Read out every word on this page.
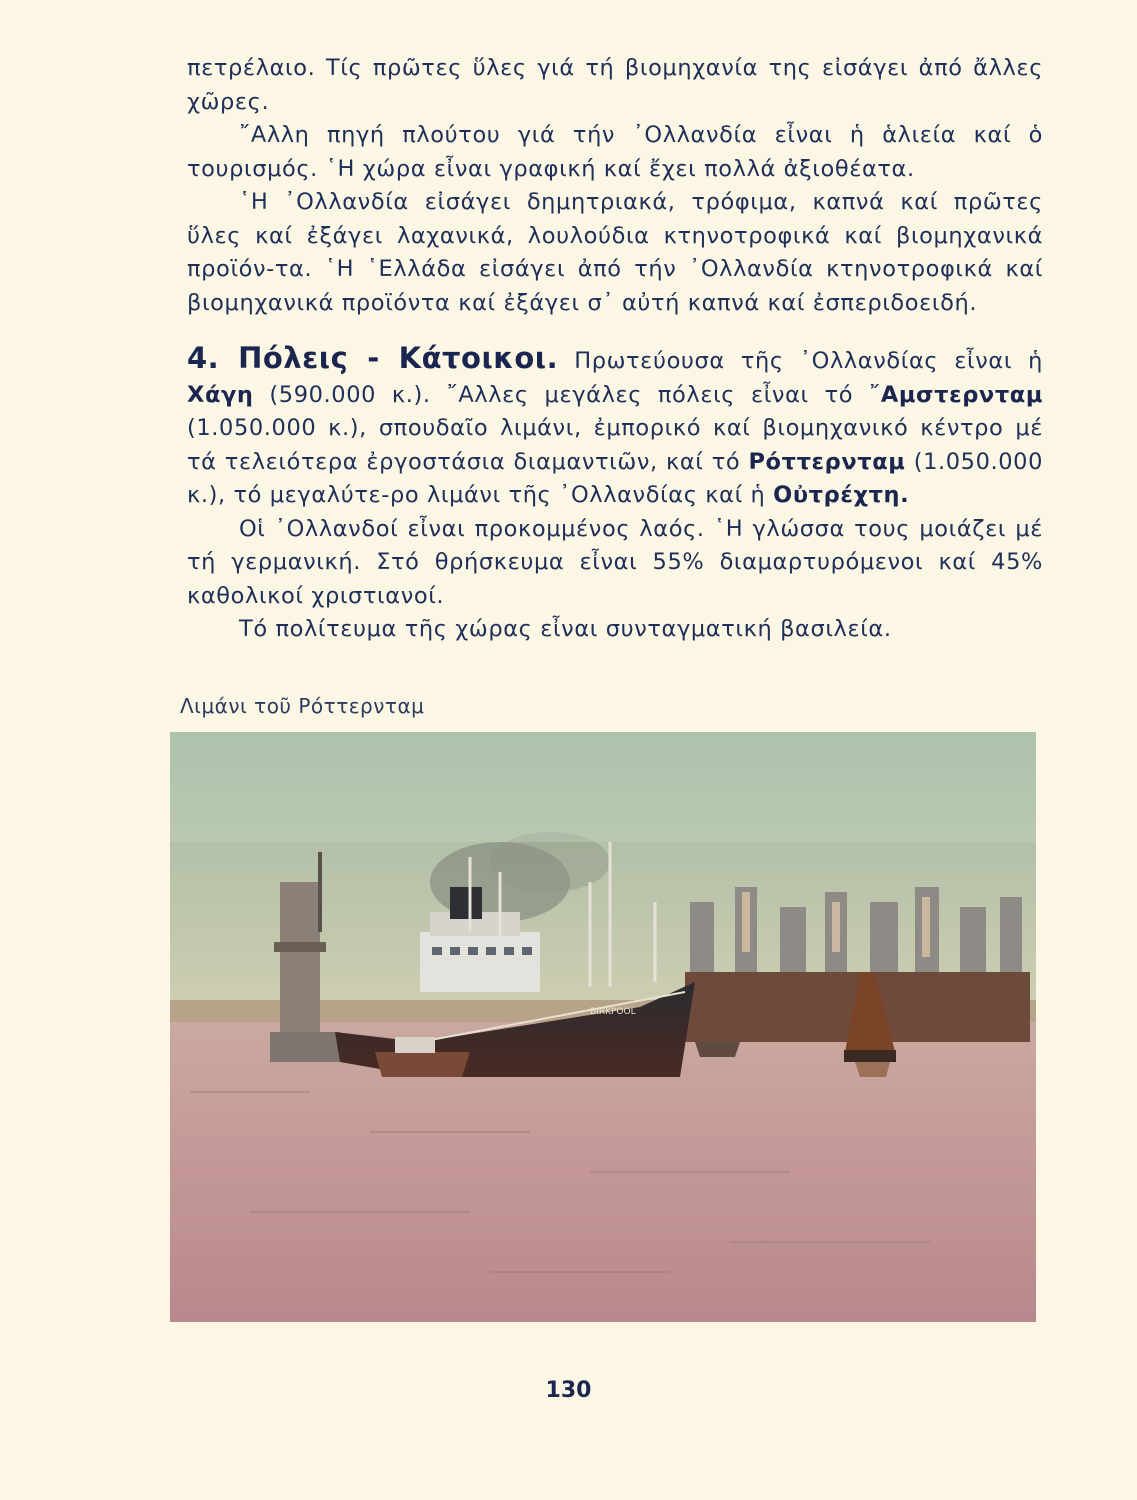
πετρέλαιο. Τίς πρῶτες ὕλες γιά τή βιομηχανία της εἰσάγει ἀπό ἄλλες χῶρες.

῎Αλλη πηγή πλούτου γιά τήν ᾿Ολλανδία εἶναι ἡ ἁλιεία καί ὁ τουρισμός. ῾Η χώρα εἶναι γραφική καί ἔχει πολλά ἀξιοθέατα.

῾Η ᾿Ολλανδία εἰσάγει δημητριακά, τρόφιμα, καπνά καί πρῶτες ὕλες καί ἐξάγει λαχανικά, λουλούδια κτηνοτροφικά καί βιομηχανικά προϊόν-τα. ῾Η ῾Ελλάδα εἰσάγει ἀπό τήν ᾿Ολλανδία κτηνοτροφικά καί βιομηχανικά προϊόντα καί ἐξάγει σ᾿ αὐτή καπνά καί ἐσπεριδοειδή.

4. Πόλεις - Κάτοικοι. Πρωτεύουσα τῆς ᾿Ολλανδίας εἶναι ἡ Χάγη (590.000 κ.). ῎Αλλες μεγάλες πόλεις εἶναι τό ῎Αμστερνταμ (1.050.000 κ.), σπουδαῖο λιμάνι, ἐμπορικό καί βιομηχανικό κέντρο μέ τά τελειότερα ἐργοστάσια διαμαντιῶν, καί τό Ρόττερνταμ (1.050.000 κ.), τό μεγαλύτε-ρο λιμάνι τῆς ᾿Ολλανδίας καί ἡ Οὐτρέχτη.

Οἱ ᾿Ολλανδοί εἶναι προκομμένος λαός. ῾Η γλώσσα τους μοιάζει μέ τή γερμανική. Στό θρήσκευμα εἶναι 55% διαμαρτυρόμενοι καί 45% καθολικοί χριστιανοί.

Τό πολίτευμα τῆς χώρας εἶναι συνταγματική βασιλεία.

Λιμάνι τοῦ Ρόττερνταμ
BIRKPOOL
130
